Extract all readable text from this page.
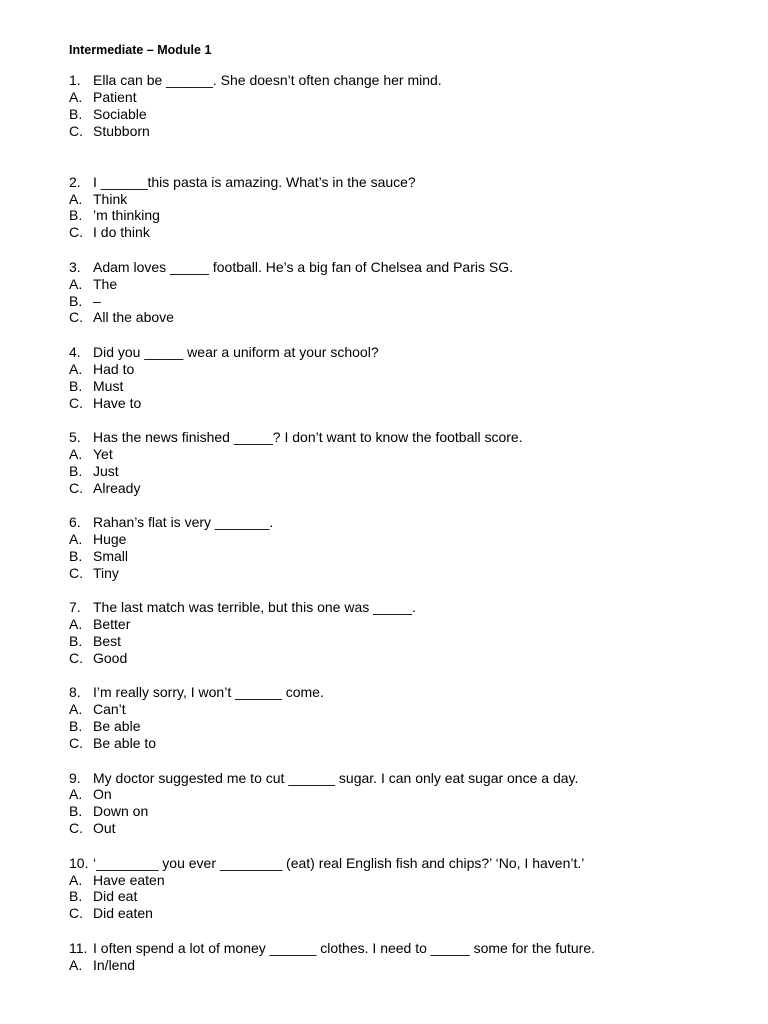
Intermediate – Module 1
1. Ella can be ______. She doesn’t often change her mind.
A. Patient
B. Sociable
C. Stubborn
2. I ______this pasta is amazing. What’s in the sauce?
A. Think
B. ’m thinking
C. I do think
3. Adam loves _____ football. He’s a big fan of Chelsea and Paris SG.
A. The
B. –
C. All the above
4. Did you _____ wear a uniform at your school?
A. Had to
B. Must
C. Have to
5. Has the news finished _____? I don’t want to know the football score.
A. Yet
B. Just
C. Already
6. Rahan’s flat is very _______.
A. Huge
B. Small
C. Tiny
7. The last match was terrible, but this one was _____.
A. Better
B. Best
C. Good
8. I’m really sorry, I won’t ______ come.
A. Can’t
B. Be able
C. Be able to
9. My doctor suggested me to cut ______ sugar. I can only eat sugar once a day.
A. On
B. Down on
C. Out
10. ‘________ you ever ________ (eat) real English fish and chips?’ ‘No, I haven’t.’
A. Have eaten
B. Did eat
C. Did eaten
11. I often spend a lot of money ______ clothes. I need to _____ some for the future.
A. In/lend
